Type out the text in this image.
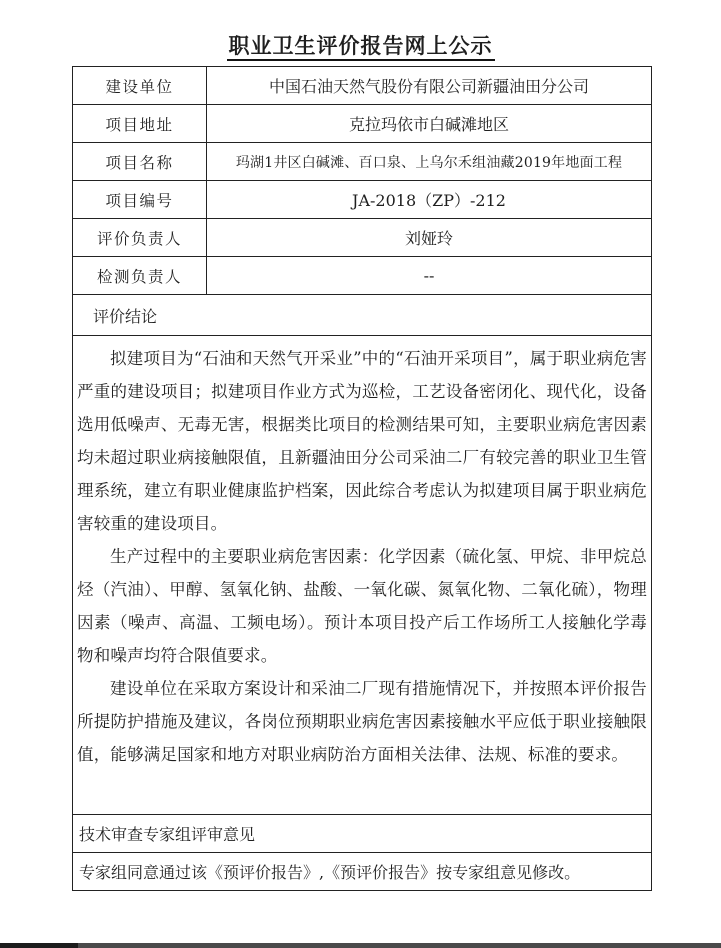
职业卫生评价报告网上公示
建设单位	中国石油天然气股份有限公司新疆油田分公司
项目地址	克拉玛依市白碱滩地区
项目名称	玛湖1井区白碱滩、百口泉、上乌尔禾组油藏2019年地面工程
项目编号	JA-2018（ZP）-212
评价负责人	刘娅玲
检测负责人	--
评价结论	

拟建项目为“石油和天然气开采业”中的“石油开采项目”，属于职业病危害严重的建设项目；拟建项目作业方式为巡检，工艺设备密闭化、现代化，设备选用低噪声、无毒无害，根据类比项目的检测结果可知，主要职业病危害因素均未超过职业病接触限值，且新疆油田分公司采油二厂有较完善的职业卫生管理系统，建立有职业健康监护档案，因此综合考虑认为拟建项目属于职业病危害较重的建设项目。

生产过程中的主要职业病危害因素：化学因素（硫化氢、甲烷、非甲烷总烃（汽油）、甲醇、氢氧化钠、盐酸、一氧化碳、氮氧化物、二氧化硫），物理因素（噪声、高温、工频电场）。预计本项目投产后工作场所工人接触化学毒物和噪声均符合限值要求。

建设单位在采取方案设计和采油二厂现有措施情况下，并按照本评价报告所提防护措施及建议，各岗位预期职业病危害因素接触水平应低于职业接触限值，能够满足国家和地方对职业病防治方面相关法律、法规、标准的要求。	

技术审查专家组评审意见	
专家组同意通过该《预评价报告》,《预评价报告》按专家组意见修改。	
